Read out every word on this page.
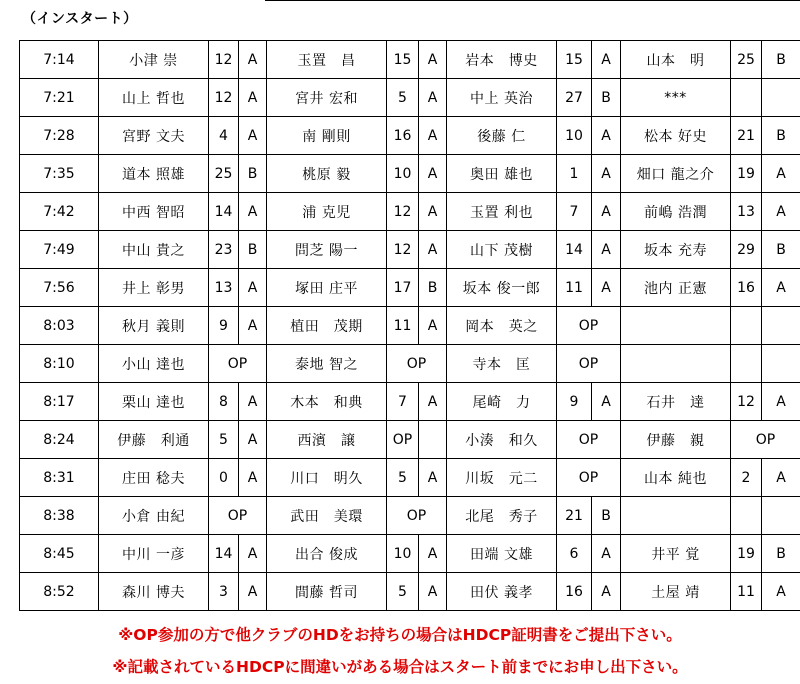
（インスタート）
7:14	小津 崇	12	A	玉置　昌	15	A	岩本　博史	15	A	山本　明	25	B
7:21	山上 哲也	12	A	宮井 宏和	5	A	中上 英治	27	B	***		
7:28	宮野 文夫	4	A	南 剛則	16	A	後藤 仁	10	A	松本 好史	21	B
7:35	道本 照雄	25	B	桃原 毅	10	A	奥田 雄也	1	A	畑口 龍之介	19	A
7:42	中西 智昭	14	A	浦 克児	12	A	玉置 利也	7	A	前嶋 浩潤	13	A
7:49	中山 貴之	23	B	問芝 陽一	12	A	山下 茂樹	14	A	坂本 充寿	29	B
7:56	井上 彰男	13	A	塚田 庄平	17	B	坂本 俊一郎	11	A	池内 正憲	16	A
8:03	秋月 義則	9	A	植田　茂期	11	A	岡本　英之	OP				
8:10	小山 達也	OP		泰地 智之	OP		寺本　匡	OP				
8:17	栗山 達也	8	A	木本　和典	7	A	尾崎　力	9	A	石井　達	12	A
8:24	伊藤　利通	5	A	西濱　譲	OP		小湊　和久	OP		伊藤　親	OP	
8:31	庄田 稔夫	0	A	川口　明久	5	A	川坂　元二	OP		山本 純也	2	A
8:38	小倉 由紀	OP		武田　美環	OP		北尾　秀子	21	B			
8:45	中川 一彦	14	A	出合 俊成	10	A	田端 文雄	6	A	井平 覚	19	B
8:52	森川 博夫	3	A	間藤 哲司	5	A	田伏 義孝	16	A	土屋 靖	11	A
※OP参加の方で他クラブのHDをお持ちの場合はHDCP証明書をご提出下さい。
※記載されているHDCPに間違いがある場合はスタート前までにお申し出下さい。
